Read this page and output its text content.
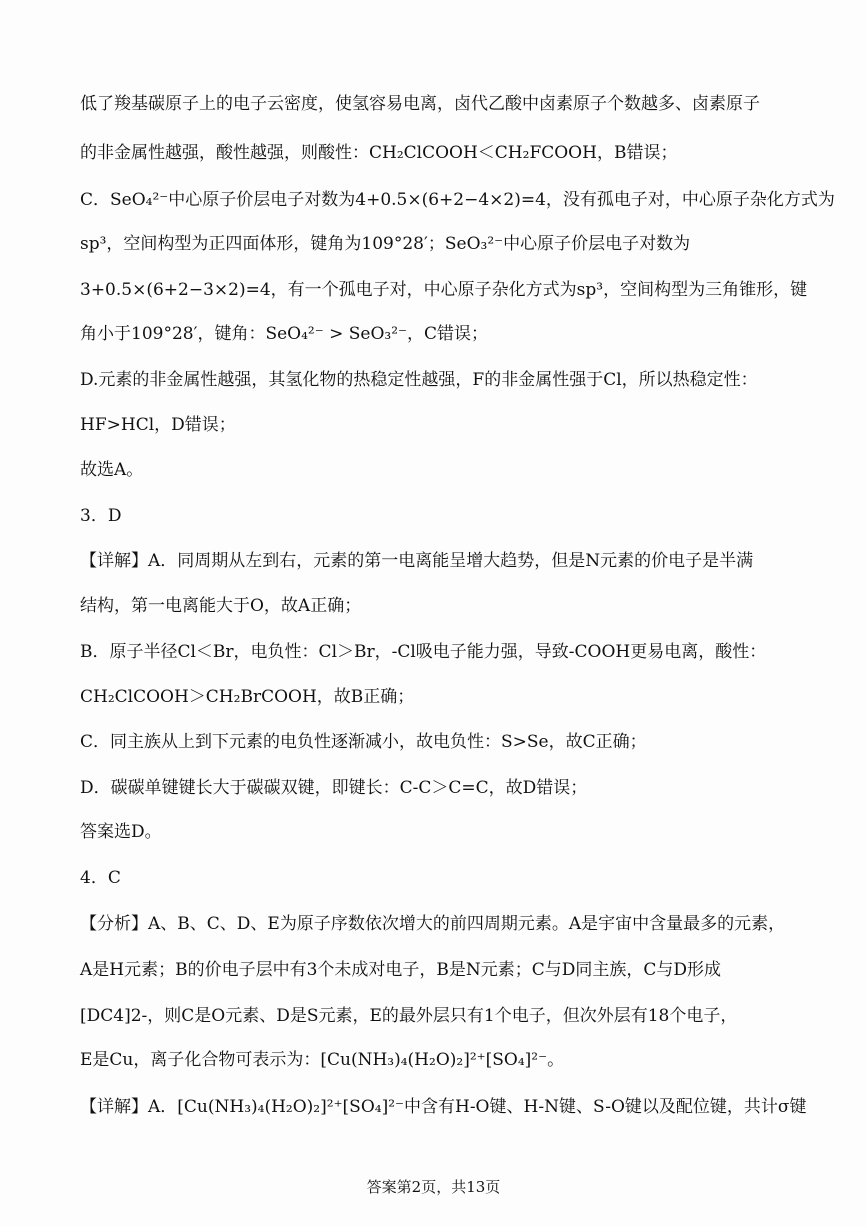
低了羧基碳原子上的电子云密度，使氢容易电离，卤代乙酸中卤素原子个数越多、卤素原子
的非金属性越强，酸性越强，则酸性：CH₂ClCOOH＜CH₂FCOOH，B错误；
C．SeO₄²⁻中心原子价层电子对数为4+0.5×(6+2−4×2)=4，没有孤电子对，中心原子杂化方式为
sp³，空间构型为正四面体形，键角为109°28′；SeO₃²⁻中心原子价层电子对数为
3+0.5×(6+2−3×2)=4，有一个孤电子对，中心原子杂化方式为sp³，空间构型为三角锥形，键
角小于109°28′，键角：SeO₄²⁻ > SeO₃²⁻，C错误；
D.元素的非金属性越强，其氢化物的热稳定性越强，F的非金属性强于Cl，所以热稳定性：
HF>HCl，D错误；
故选A。
3．D
【详解】A．同周期从左到右，元素的第一电离能呈增大趋势，但是N元素的价电子是半满
结构，第一电离能大于O，故A正确；
B．原子半径Cl＜Br，电负性：Cl＞Br，-Cl吸电子能力强，导致-COOH更易电离，酸性：
CH₂ClCOOH＞CH₂BrCOOH，故B正确；
C．同主族从上到下元素的电负性逐渐减小，故电负性：S>Se，故C正确；
D．碳碳单键键长大于碳碳双键，即键长：C-C＞C=C，故D错误；
答案选D。
4．C
【分析】A、B、C、D、E为原子序数依次增大的前四周期元素。A是宇宙中含量最多的元素，
A是H元素；B的价电子层中有3个未成对电子，B是N元素；C与D同主族，C与D形成
[DC4]2-，则C是O元素、D是S元素，E的最外层只有1个电子，但次外层有18个电子，
E是Cu，离子化合物可表示为：[Cu(NH₃)₄(H₂O)₂]²⁺[SO₄]²⁻。
【详解】A．[Cu(NH₃)₄(H₂O)₂]²⁺[SO₄]²⁻中含有H-O键、H-N键、S-O键以及配位键，共计σ键
答案第2页，共13页
